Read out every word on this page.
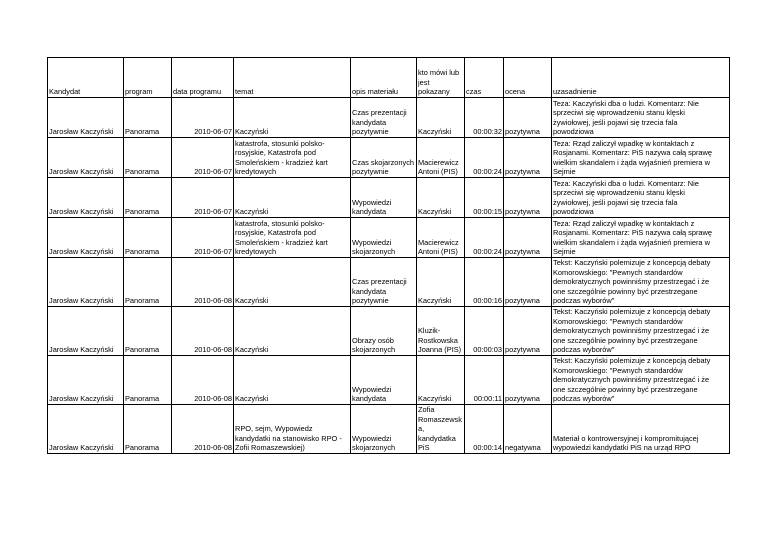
Kandydat	program	data programu	temat	opis materiału	kto mówi lub
jest
pokazany	czas	ocena	uzasadnienie
Jarosław Kaczyński	Panorama	2010-06-07	Kaczyński	Czas prezentacji
kandydata
pozytywnie	Kaczyński	00:00:32	pozytywna	Teza: Kaczyński dba o ludzi. Komentarz: Nie
sprzeciwi się wprowadzeniu stanu klęski
żywiołowej, jeśli pojawi się trzecia fala
powodziowa
Jarosław Kaczyński	Panorama	2010-06-07	katastrofa, stosunki polsko-
rosyjskie, Katastrofa pod
Smoleńskiem - kradzież kart
kredytowych	Czas skojarzonych
pozytywnie	Macierewicz
Antoni (PIS)	00:00:24	pozytywna	Teza: Rząd zaliczył wpadkę w kontaktach z
Rosjanami. Komentarz: PiS nazywa całą sprawę
wielkim skandalem i żąda wyjaśnień premiera w
Sejmie
Jarosław Kaczyński	Panorama	2010-06-07	Kaczyński	Wypowiedzi
kandydata	Kaczyński	00:00:15	pozytywna	Teza: Kaczyński dba o ludzi. Komentarz: Nie
sprzeciwi się wprowadzeniu stanu klęski
żywiołowej, jeśli pojawi się trzecia fala
powodziowa
Jarosław Kaczyński	Panorama	2010-06-07	katastrofa, stosunki polsko-
rosyjskie, Katastrofa pod
Smoleńskiem - kradzież kart
kredytowych	Wypowiedzi
skojarzonych	Macierewicz
Antoni (PIS)	00:00:24	pozytywna	Teza: Rząd zaliczył wpadkę w kontaktach z
Rosjanami. Komentarz: PiS nazywa całą sprawę
wielkim skandalem i żąda wyjaśnień premiera w
Sejmie
Jarosław Kaczyński	Panorama	2010-06-08	Kaczyński	Czas prezentacji
kandydata
pozytywnie	Kaczyński	00:00:16	pozytywna	Tekst: Kaczyński polemizuje z koncepcją debaty
Komorowskiego: "Pewnych standardów
demokratycznych powinniśmy przestrzegać i że
one szczególnie powinny być przestrzegane
podczas wyborów"
Jarosław Kaczyński	Panorama	2010-06-08	Kaczyński	Obrazy osób
skojarzonych	Kluzik-
Rostkowska
Joanna (PIS)	00:00:03	pozytywna	Tekst: Kaczyński polemizuje z koncepcją debaty
Komorowskiego: "Pewnych standardów
demokratycznych powinniśmy przestrzegać i że
one szczególnie powinny być przestrzegane
podczas wyborów"
Jarosław Kaczyński	Panorama	2010-06-08	Kaczyński	Wypowiedzi
kandydata	Kaczyński	00:00:11	pozytywna	Tekst: Kaczyński polemizuje z koncepcją debaty
Komorowskiego: "Pewnych standardów
demokratycznych powinniśmy przestrzegać i że
one szczególnie powinny być przestrzegane
podczas wyborów"
Jarosław Kaczyński	Panorama	2010-06-08	RPO, sejm, Wypowiedz
kandydatki na stanowisko RPO -
Zofii Romaszewskiej)	Wypowiedzi
skojarzonych	Zofia
Romaszewsk
a,
kandydatka
PiS	00:00:14	negatywna	Materiał o kontrowersyjnej i kompromitującej
wypowiedzi kandydatki PiS na urząd RPO
